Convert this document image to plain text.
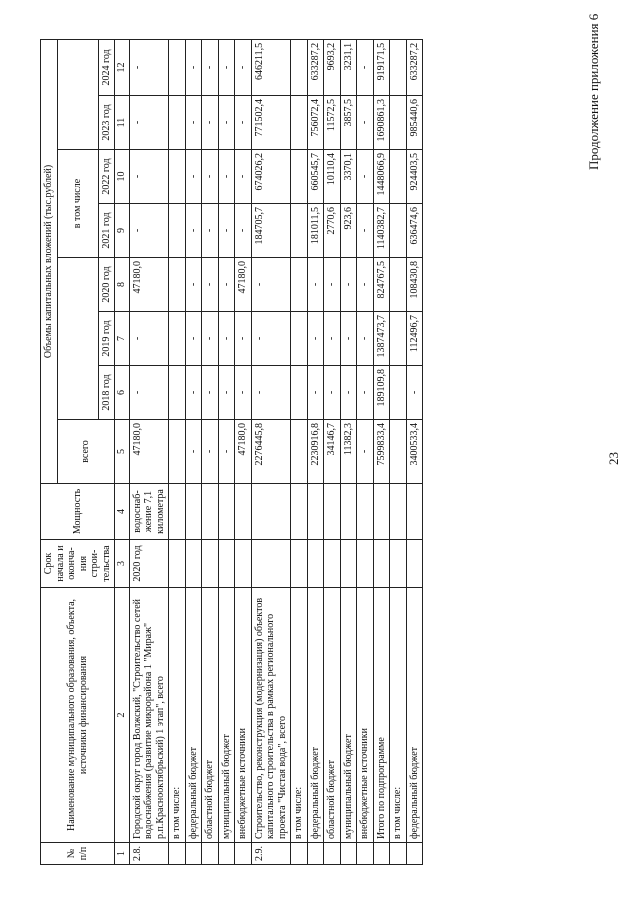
23
Продолжение приложения 6
№ п/п	Наименование муниципального образования, объекта, источники финансирования	Срок начала и оконча-ния строи-тельства	Мощность	Объемы капитальных вложений (тыс.рублей)							
				всего				в том числе			
					2018 год	2019 год	2020 год	2021 год	2022 год	2023 год	2024 год
1	2	3	4	5	6	7	8	9	10	11	12
2.8.	Городской округ город Волжский, "Строительство сетей водоснабжения (развитие микрорайона 1 "Мираж" р.п.Краснооктябрьский) 1 этап", всего	2020 год	водоснаб-жение 7,1 километра	47180,0	-	-	47180,0	-	-	-	-
	в том числе:										
	федеральный бюджет			-	-	-	-	-	-	-	-
	областной бюджет			-	-	-	-	-	-	-	-
	муниципальный бюджет			-	-	-	-	-	-	-	-
	внебюджетные источники			47180,0	-	-	47180,0	-	-	-	-
2.9.	Строительство, реконструкция (модернизация) объектов капитального строительства в рамках регионального проекта "Чистая вода", всего			2276445,8	-	-	-	184705,7	674026,2	771502,4	646211,5
	в том числе:										
	федеральный бюджет			2230916,8	-	-	-	181011,5	660545,7	756072,4	633287,2
	областной бюджет			34146,7	-	-	-	2770,6	10110,4	11572,5	9693,2
	муниципальный бюджет			11382,3	-	-	-	923,6	3370,1	3857,5	3231,1
	внебюджетные источники			-	-	-	-	-	-	-	-
	Итого по подпрограмме			7599833,4	189109,8	1387473,7	824767,5	1140382,7	1448066,9	1690861,3	919171,5
	в том числе:										
	федеральный бюджет			3400533,4	-	112496,7	108430,8	636474,6	924403,5	985440,6	633287,2
